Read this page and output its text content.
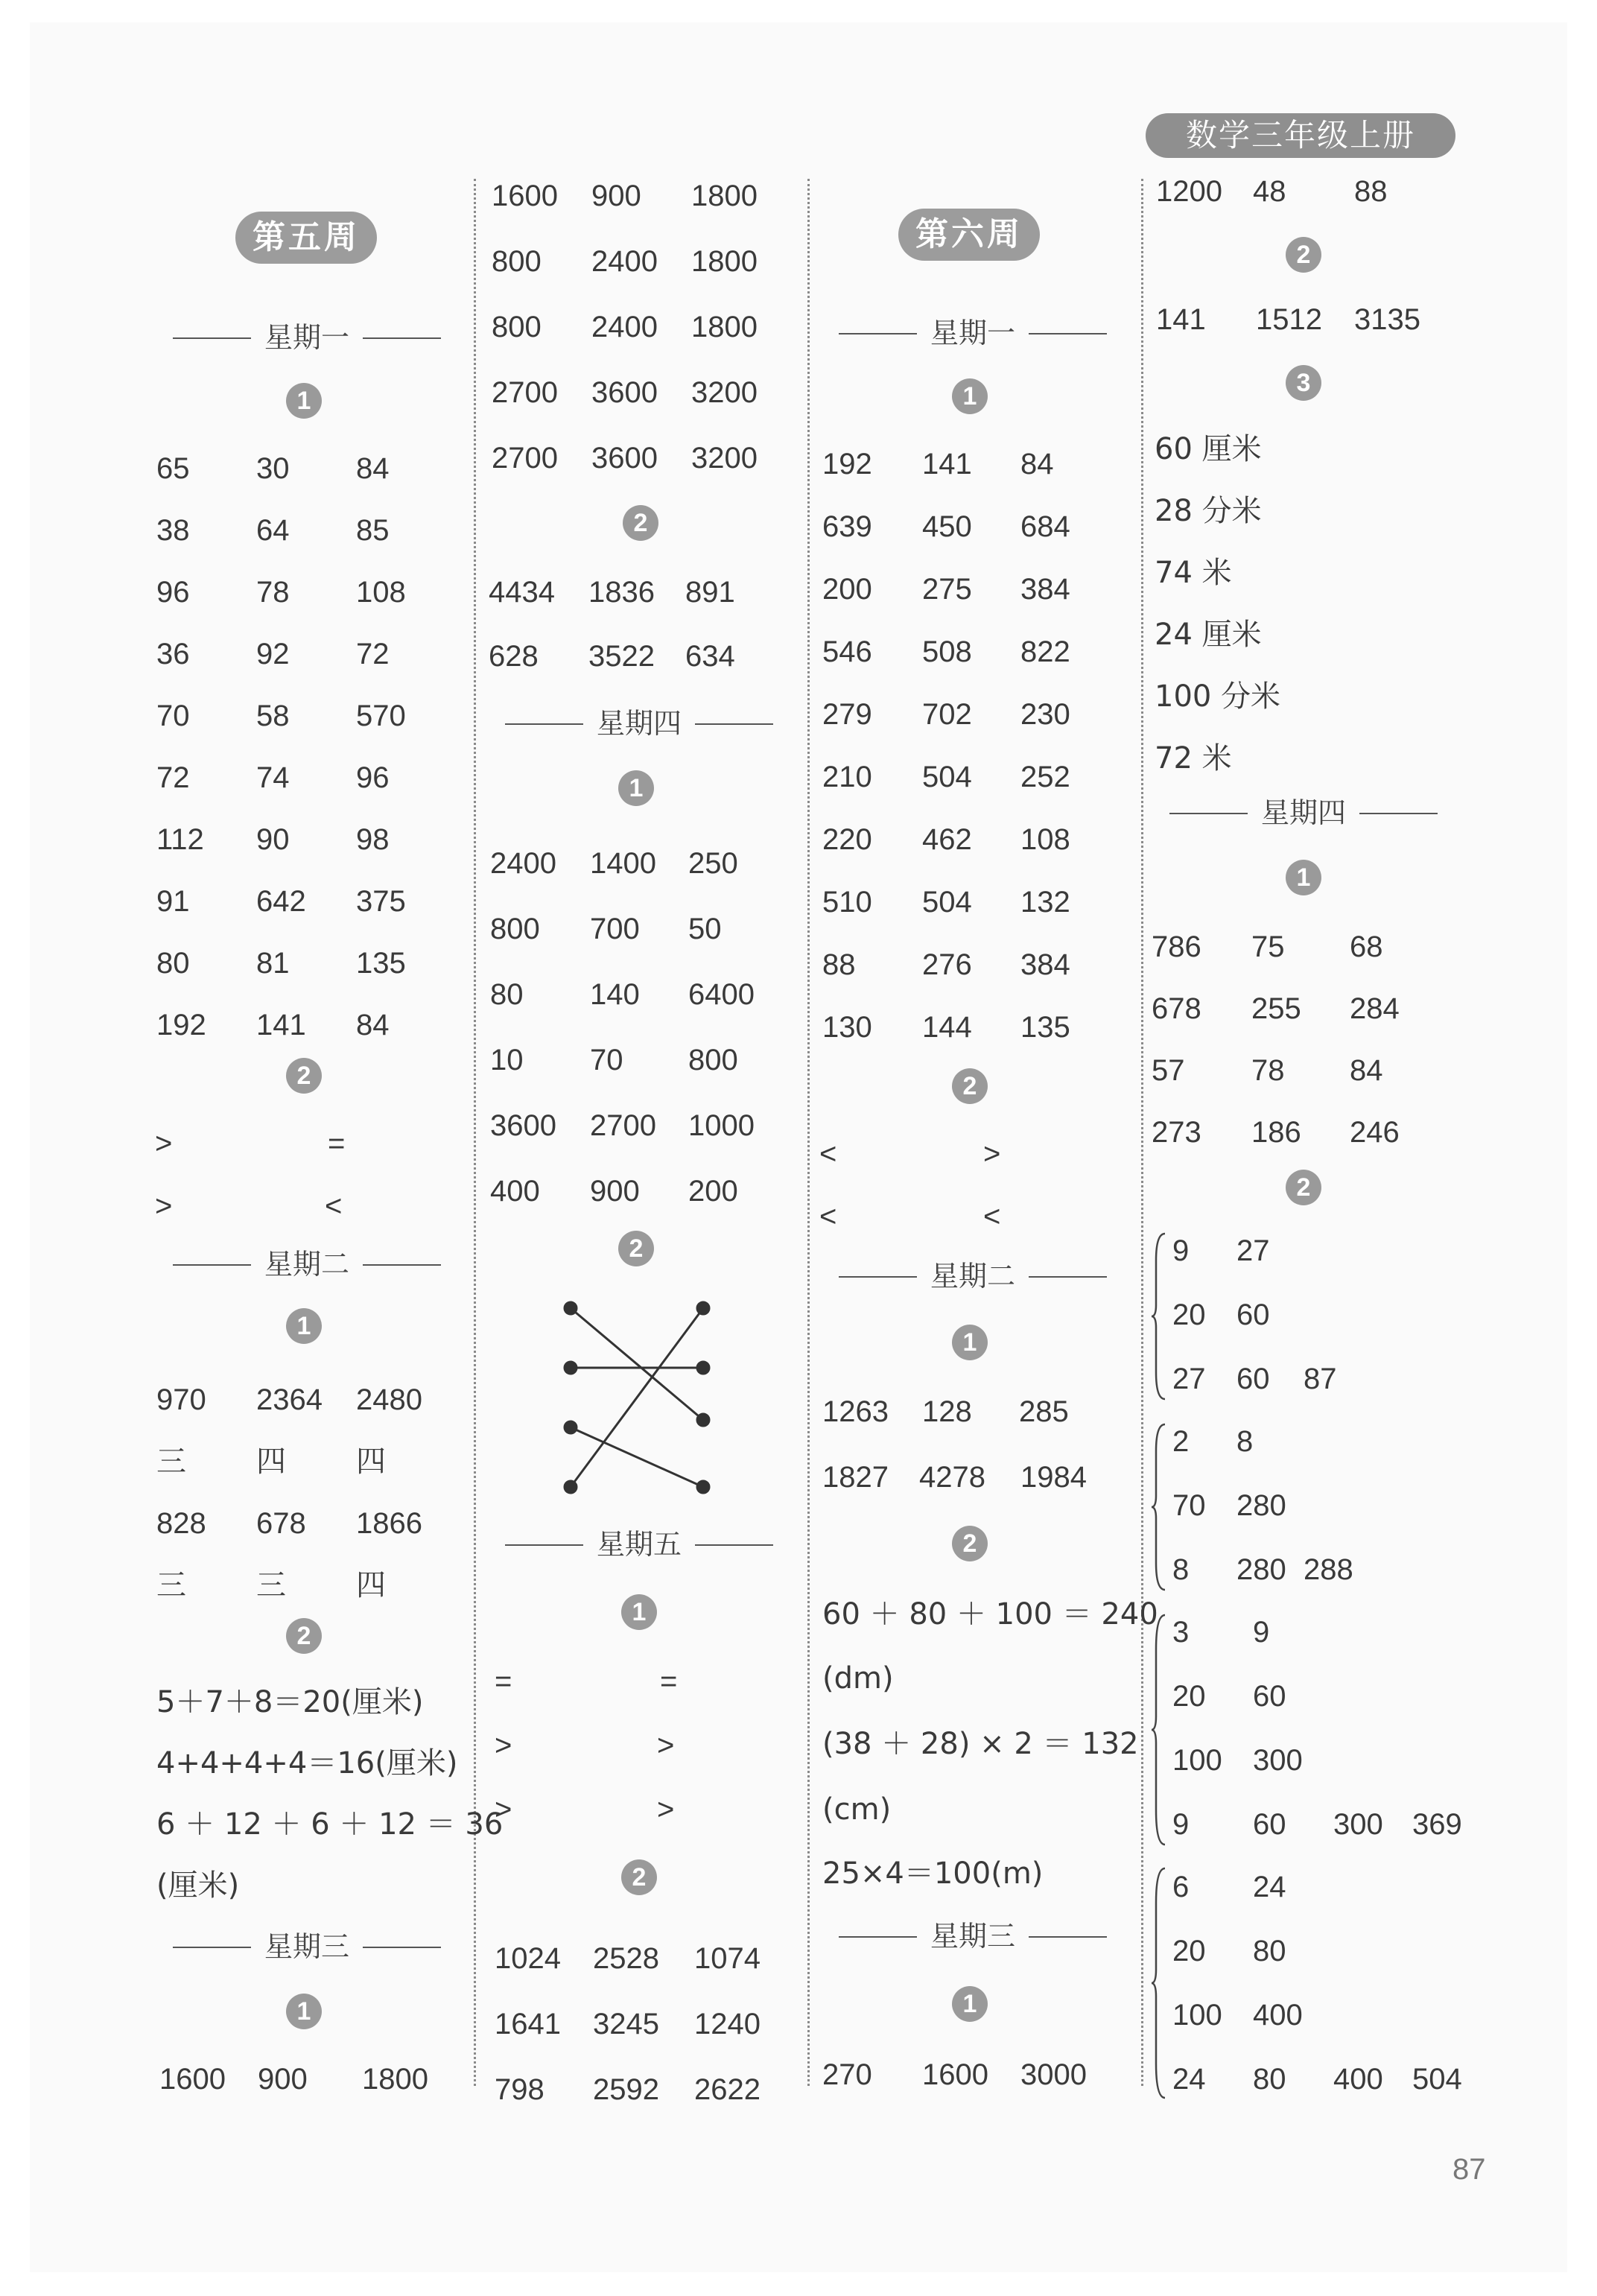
数学三年级上册
第五周
星期一
1
65 30 84
38 64 85
96 78 108
36 92 72
70 58 570
72 74 96
112 90 98
91 642 375
80 81 135
192 141 84
2
>	=
>	<
星期二
1
970 2364 2480
三 四 四
828 678 1866
三 三 四
2
5＋7＋8＝20(厘米)
4+4+4+4＝16(厘米)
6 ＋ 12 ＋ 6 ＋ 12 ＝ 36
(厘米)
星期三
1
1600 900 1800
1600 900 1800
800 2400 1800
800 2400 1800
2700 3600 3200
2700 3600 3200
2
4434 1836 891
628 3522 634
星期四
1
2400 1400 250
800 700 50
80 140 6400
10 70 800
3600 2700 1000
400 900 200
2
星期五
1
=	=
>	>
>	>
2
1024 2528 1074
1641 3245 1240
798 2592 2622
第六周
星期一
1
192 141 84
639 450 684
200 275 384
546 508 822
279 702 230
210 504 252
220 462 108
510 504 132
88 276 384
130 144 135
2
<	>
<	<
星期二
1
1263 128 285
1827 4278 1984
2
60 ＋ 80 ＋ 100 ＝ 240
(dm)
(38 ＋ 28) × 2 ＝ 132
(cm)
25×4＝100(m)
星期三
1
270 1600 3000
1200 48 88
2
141 1512 3135
3
60 厘米
28 分米
74 米
24 厘米
100 分米
72 米
星期四
1
786 75 68
678 255 284
57 78 84
273 186 246
2
9 27
20 60
27 60 87
2 8
70 280
8 280 288
3 9
20 60
100 300
9 60 300 369
6 24
20 80
100 400
24 80 400 504
87
